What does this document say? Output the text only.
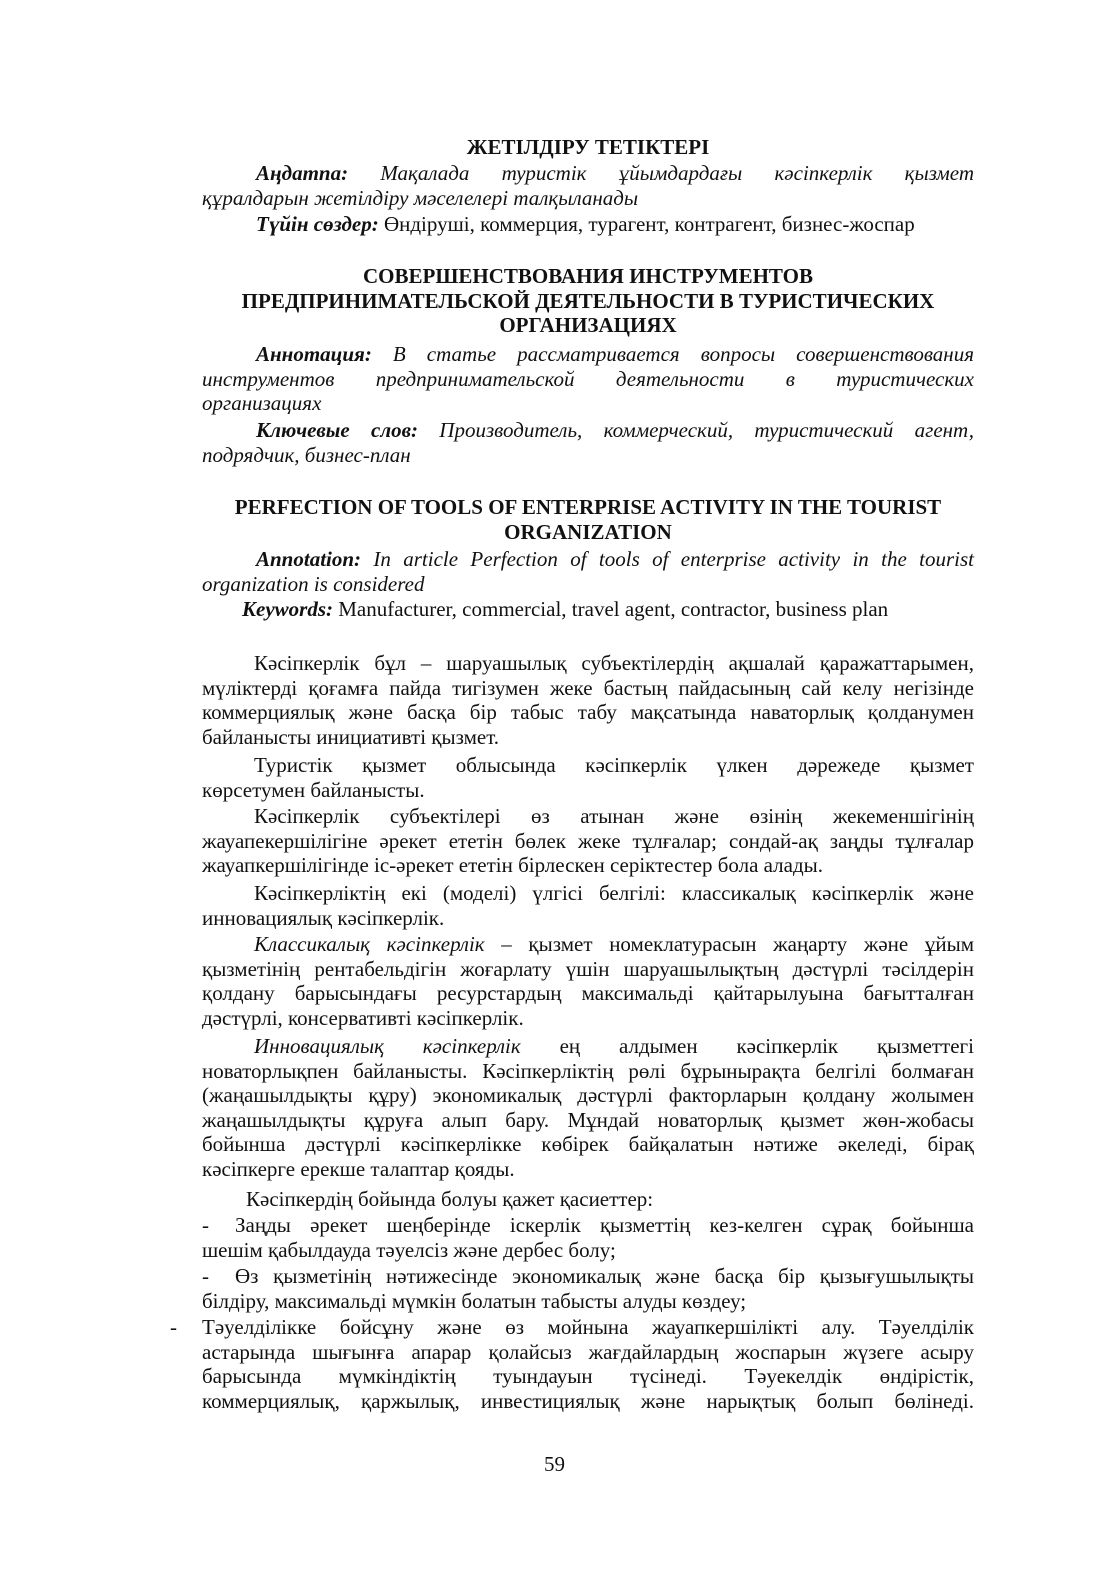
ЖЕТІЛДІРУ ТЕТІКТЕРІ
Аңдатпа: Мақалада туристік ұйымдардағы кәсіпкерлік қызмет
құралдарын жетілдіру мәселелері талқыланады
Түйін сөздер: Өндіруші, коммерция, турагент, контрагент, бизнес-жоспар
СОВЕРШЕНСТВОВАНИЯ ИНСТРУМЕНТОВ
ПРЕДПРИНИМАТЕЛЬСКОЙ ДЕЯТЕЛЬНОСТИ В ТУРИСТИЧЕСКИХ
ОРГАНИЗАЦИЯХ
Аннотация: В статье рассматривается вопросы совершенствования
инструментов предпринимательской деятельности в туристических
организациях
Ключевые слов: Производитель, коммерческий, туристический агент,
подрядчик, бизнес-план
PERFECTION OF TOOLS OF ENTERPRISE ACTIVITY IN THE TOURIST
ORGANIZATION
Annotation: In article Perfection of tools of enterprise activity in the tourist
organization is considered
Keywords: Manufacturer, commercial, travel agent, contractor, business plan
Кәсіпкерлік бұл – шаруашылық субъектілердің ақшалай қаражаттарымен,
мүліктерді қоғамға пайда тигізумен жеке бастың пайдасының сай келу негізінде
коммерциялық және басқа бір табыс табу мақсатында наваторлық қолданумен
байланысты инициативті қызмет.
Туристік қызмет облысында кәсіпкерлік үлкен дәрежеде қызмет
көрсетумен байланысты.
Кәсіпкерлік субъектілері өз атынан және өзінің жекеменшігінің
жауапекершілігіне әрекет ететін бөлек жеке тұлғалар; сондай-ақ заңды тұлғалар
жауапкершілігінде іс-әрекет ететін бірлескен серіктестер бола алады.
Кәсіпкерліктің екі (моделі) үлгісі белгілі: классикалық кәсіпкерлік және
инновациялық кәсіпкерлік.
Классикалық кәсіпкерлік – қызмет номеклатурасын жаңарту және ұйым
қызметінің рентабельдігін жоғарлату үшін шаруашылықтың дәстүрлі тәсілдерін
қолдану барысындағы ресурстардың максимальді қайтарылуына бағытталған
дәстүрлі, консервативті кәсіпкерлік.
Инновациялық кәсіпкерлік ең алдымен кәсіпкерлік қызметтегі
новаторлықпен байланысты. Кәсіпкерліктің рөлі бұрынырақта белгілі болмаған
(жаңашылдықты құру) экономикалық дәстүрлі факторларын қолдану жолымен
жаңашылдықты құруға алып бару. Мұндай новаторлық қызмет жөн-жобасы
бойынша дәстүрлі кәсіпкерлікке көбірек байқалатын нәтиже әкеледі, бірақ
кәсіпкерге ерекше талаптар қояды.
Кәсіпкердің бойында болуы қажет қасиеттер:
- Заңды әрекет шеңберінде іскерлік қызметтің кез-келген сұрақ бойынша
шешім қабылдауда тәуелсіз және дербес болу;
- Өз қызметінің нәтижесінде экономикалық және басқа бір қызығушылықты
білдіру, максимальді мүмкін болатын табысты алуды көздеу;
- Тәуелділікке бойсұну және өз мойнына жауапкершілікті алу. Тәуелділік
астарында шығынға апарар қолайсыз жағдайлардың жоспарын жүзеге асыру
барысында мүмкіндіктің туындауын түсінеді. Тәуекелдік өндірістік,
коммерциялық, қаржылық, инвестициялық және нарықтық болып бөлінеді.
59
